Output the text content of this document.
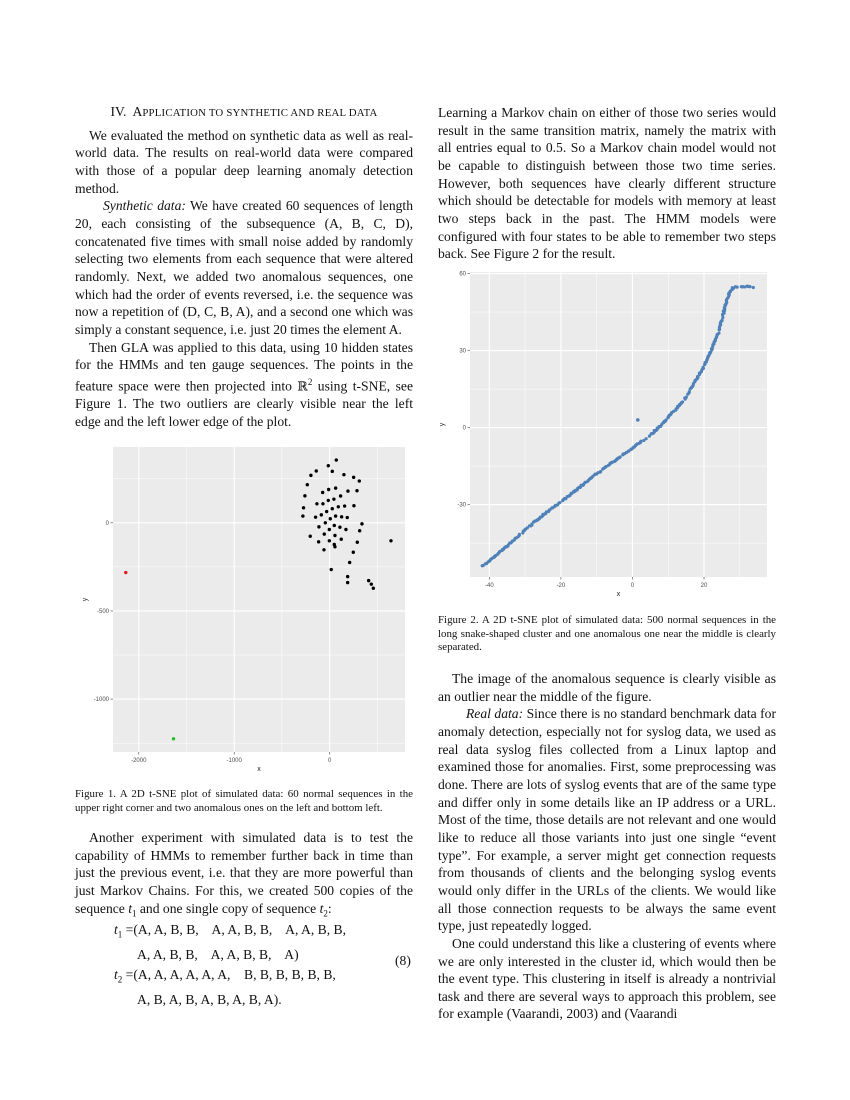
IV. APPLICATION TO SYNTHETIC AND REAL DATA

We evaluated the method on synthetic data as well as real-world data. The results on real-world data were compared with those of a popular deep learning anomaly detection method.

Synthetic data: We have created 60 sequences of length 20, each consisting of the subsequence (A, B, C, D), concatenated five times with small noise added by randomly selecting two elements from each sequence that were altered randomly. Next, we added two anomalous sequences, one which had the order of events reversed, i.e. the sequence was now a repetition of (D, C, B, A), and a second one which was simply a constant sequence, i.e. just 20 times the element A.

Then GLA was applied to this data, using 10 hidden states for the HMMs and ten gauge sequences. The points in the feature space were then projected into ℝ$^2$ using t-SNE, see Figure 1. The two outliers are clearly visible near the left edge and the left lower edge of the plot.

-2000	-1000	0
-1000
-500
0
x
y
Figure 1. A 2D t-SNE plot of simulated data: 60 normal sequences in the upper right corner and two anomalous ones on the left and bottom left.

Another experiment with simulated data is to test the capability of HMMs to remember further back in time than just the previous event, i.e. that they are more powerful than just Markov Chains. For this, we created 500 copies of the sequence $t_1$ and one single copy of sequence $t_2$:

$t_1 =(A$, A, B, B,    A, A, B, B,    A, A, B, B,
A, A, B, B,    A, A, B, B,    A)
$t_2 =(A$, A, A, A, A, A,    B, B, B, B, B, B,
A, B, A, B, A, B, A, B, A).
(8)

Learning a Markov chain on either of those two series would result in the same transition matrix, namely the matrix with all entries equal to 0.5. So a Markov chain model would not be capable to distinguish between those two time series. However, both sequences have clearly different structure which should be detectable for models with memory at least two steps back in the past. The HMM models were configured with four states to be able to remember two steps back. See Figure 2 for the result.

-40	-20	0	20
-30
0
30
60
x
y
Figure 2. A 2D t-SNE plot of simulated data: 500 normal sequences in the long snake-shaped cluster and one anomalous one near the middle is clearly separated.

The image of the anomalous sequence is clearly visible as an outlier near the middle of the figure.

Real data: Since there is no standard benchmark data for anomaly detection, especially not for syslog data, we used as real data syslog files collected from a Linux laptop and examined those for anomalies. First, some preprocessing was done. There are lots of syslog events that are of the same type and differ only in some details like an IP address or a URL. Most of the time, those details are not relevant and one would like to reduce all those variants into just one single “event type”. For example, a server might get connection requests from thousands of clients and the belonging syslog events would only differ in the URLs of the clients. We would like all those connection requests to be always the same event type, just repeatedly logged.

One could understand this like a clustering of events where we are only interested in the cluster id, which would then be the event type. This clustering in itself is already a nontrivial task and there are several ways to approach this problem, see for example (Vaarandi, 2003) and (Vaarandi
